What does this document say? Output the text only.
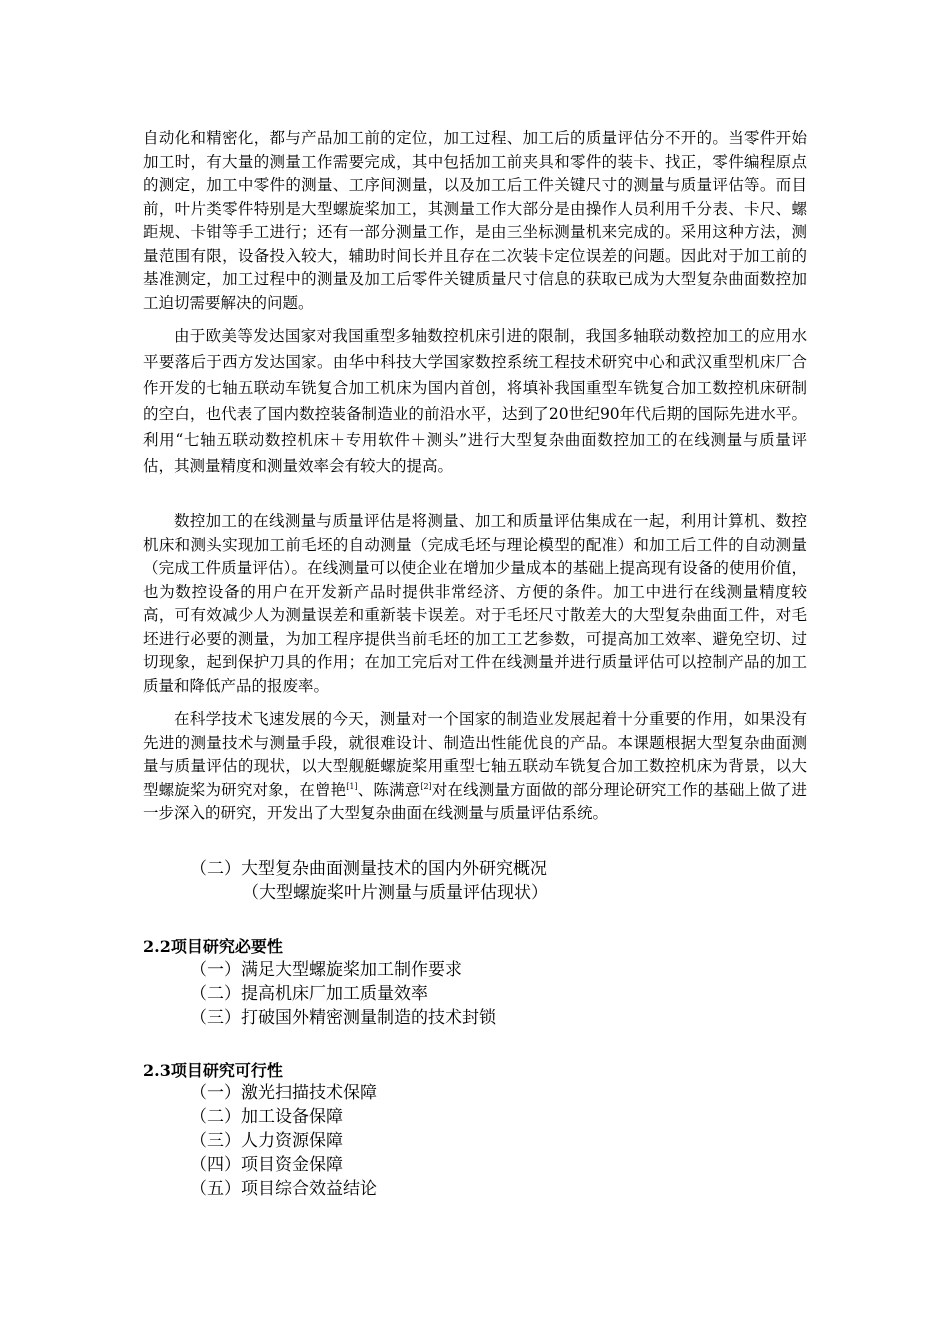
自动化和精密化，都与产品加工前的定位，加工过程、加工后的质量评估分不开的。当零件开始加工时，有大量的测量工作需要完成，其中包括加工前夹具和零件的装卡、找正，零件编程原点的测定，加工中零件的测量、工序间测量，以及加工后工件关键尺寸的测量与质量评估等。而目前，叶片类零件特别是大型螺旋桨加工，其测量工作大部分是由操作人员利用千分表、卡尺、螺距规、卡钳等手工进行；还有一部分测量工作，是由三坐标测量机来完成的。采用这种方法，测量范围有限，设备投入较大，辅助时间长并且存在二次装卡定位误差的问题。因此对于加工前的基准测定，加工过程中的测量及加工后零件关键质量尺寸信息的获取已成为大型复杂曲面数控加工迫切需要解决的问题。

由于欧美等发达国家对我国重型多轴数控机床引进的限制，我国多轴联动数控加工的应用水平要落后于西方发达国家。由华中科技大学国家数控系统工程技术研究中心和武汉重型机床厂合作开发的七轴五联动车铣复合加工机床为国内首创，将填补我国重型车铣复合加工数控机床研制的空白，也代表了国内数控装备制造业的前沿水平，达到了20世纪90年代后期的国际先进水平。利用“七轴五联动数控机床＋专用软件＋测头”进行大型复杂曲面数控加工的在线测量与质量评估，其测量精度和测量效率会有较大的提高。

数控加工的在线测量与质量评估是将测量、加工和质量评估集成在一起，利用计算机、数控机床和测头实现加工前毛坯的自动测量（完成毛坯与理论模型的配准）和加工后工件的自动测量（完成工件质量评估）。在线测量可以使企业在增加少量成本的基础上提高现有设备的使用价值，也为数控设备的用户在开发新产品时提供非常经济、方便的条件。加工中进行在线测量精度较高，可有效减少人为测量误差和重新装卡误差。对于毛坯尺寸散差大的大型复杂曲面工件，对毛坯进行必要的测量，为加工程序提供当前毛坯的加工工艺参数，可提高加工效率、避免空切、过切现象，起到保护刀具的作用；在加工完后对工件在线测量并进行质量评估可以控制产品的加工质量和降低产品的报废率。

在科学技术飞速发展的今天，测量对一个国家的制造业发展起着十分重要的作用，如果没有先进的测量技术与测量手段，就很难设计、制造出性能优良的产品。本课题根据大型复杂曲面测量与质量评估的现状，以大型舰艇螺旋桨用重型七轴五联动车铣复合加工数控机床为背景，以大型螺旋桨为研究对象，在曾艳[1]、陈满意[2]对在线测量方面做的部分理论研究工作的基础上做了进一步深入的研究，开发出了大型复杂曲面在线测量与质量评估系统。

（二）大型复杂曲面测量技术的国内外研究概况

（大型螺旋桨叶片测量与质量评估现状）

2.2项目研究必要性

（一）满足大型螺旋桨加工制作要求

（二）提高机床厂加工质量效率

（三）打破国外精密测量制造的技术封锁

2.3项目研究可行性

（一）激光扫描技术保障

（二）加工设备保障

（三）人力资源保障

（四）项目资金保障

（五）项目综合效益结论
